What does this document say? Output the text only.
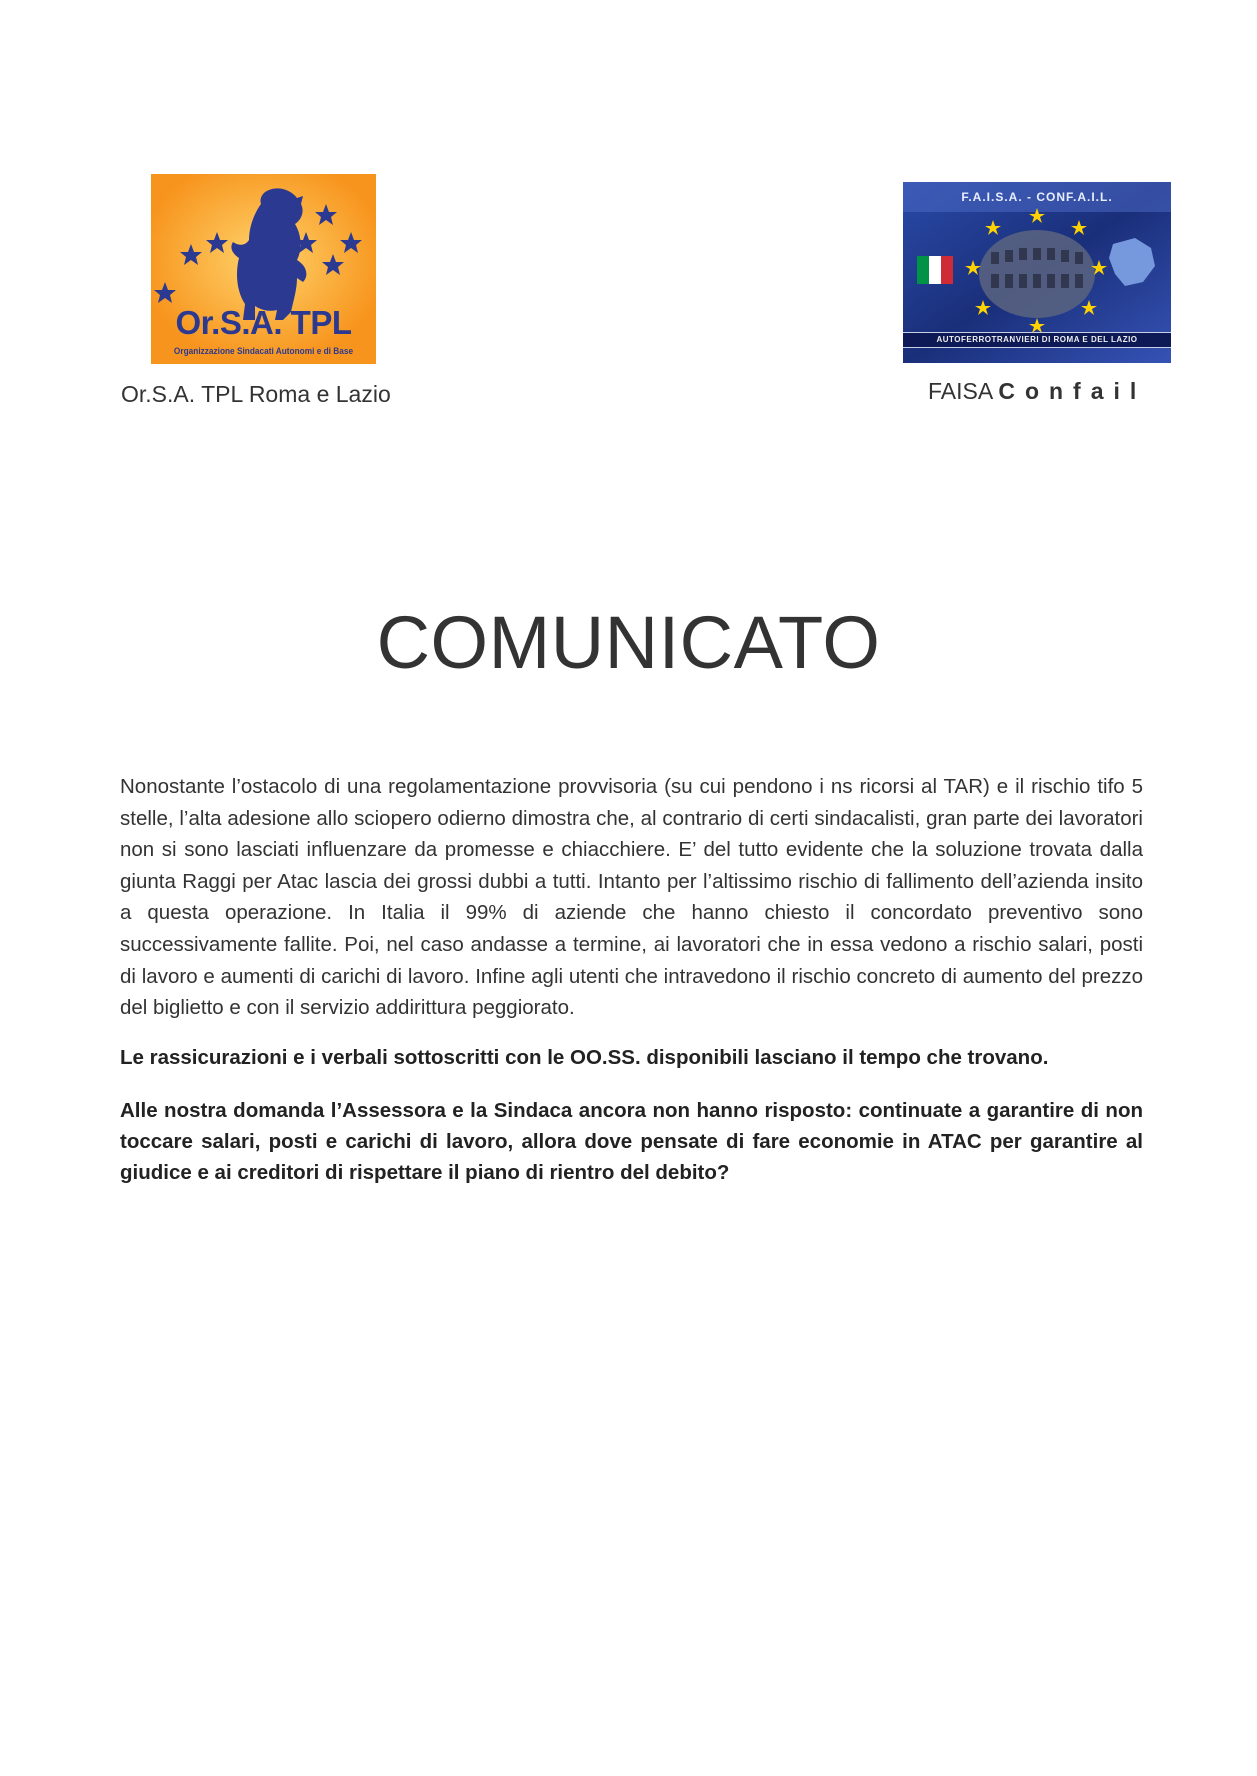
Or.S.A. TPL
Organizzazione Sindacati Autonomi e di Base
Or.S.A. TPL Roma e Lazio
F.A.I.S.A. - CONF.A.I.L.
AUTOFERROTRANVIERI DI ROMA E DEL LAZIO
FAISA Confail
COMUNICATO

Nonostante l’ostacolo di una regolamentazione provvisoria (su cui pendono i ns ricorsi al TAR) e il rischio tifo 5 stelle, l’alta adesione allo sciopero odierno dimostra che, al contrario di certi sindacalisti, gran parte dei lavoratori non si sono lasciati influenzare da promesse e chiacchiere. E’ del tutto evidente che la soluzione trovata dalla giunta Raggi per Atac lascia dei grossi dubbi a tutti. Intanto per l’altissimo rischio di fallimento dell’azienda insito a questa operazione. In Italia il 99% di aziende che hanno chiesto il concordato preventivo sono successivamente fallite. Poi, nel caso andasse a termine, ai lavoratori che in essa vedono a rischio salari, posti di lavoro e aumenti di carichi di lavoro. Infine agli utenti che intravedono il rischio concreto di aumento del prezzo del biglietto e con il servizio addirittura peggiorato.

Le rassicurazioni e i verbali sottoscritti con le OO.SS. disponibili lasciano il tempo che trovano.

Alle nostra domanda l’Assessora e la Sindaca ancora non hanno risposto: continuate a garantire di non toccare salari, posti e carichi di lavoro, allora dove pensate di fare economie in ATAC per garantire al giudice e ai creditori di rispettare il piano di rientro del debito?
